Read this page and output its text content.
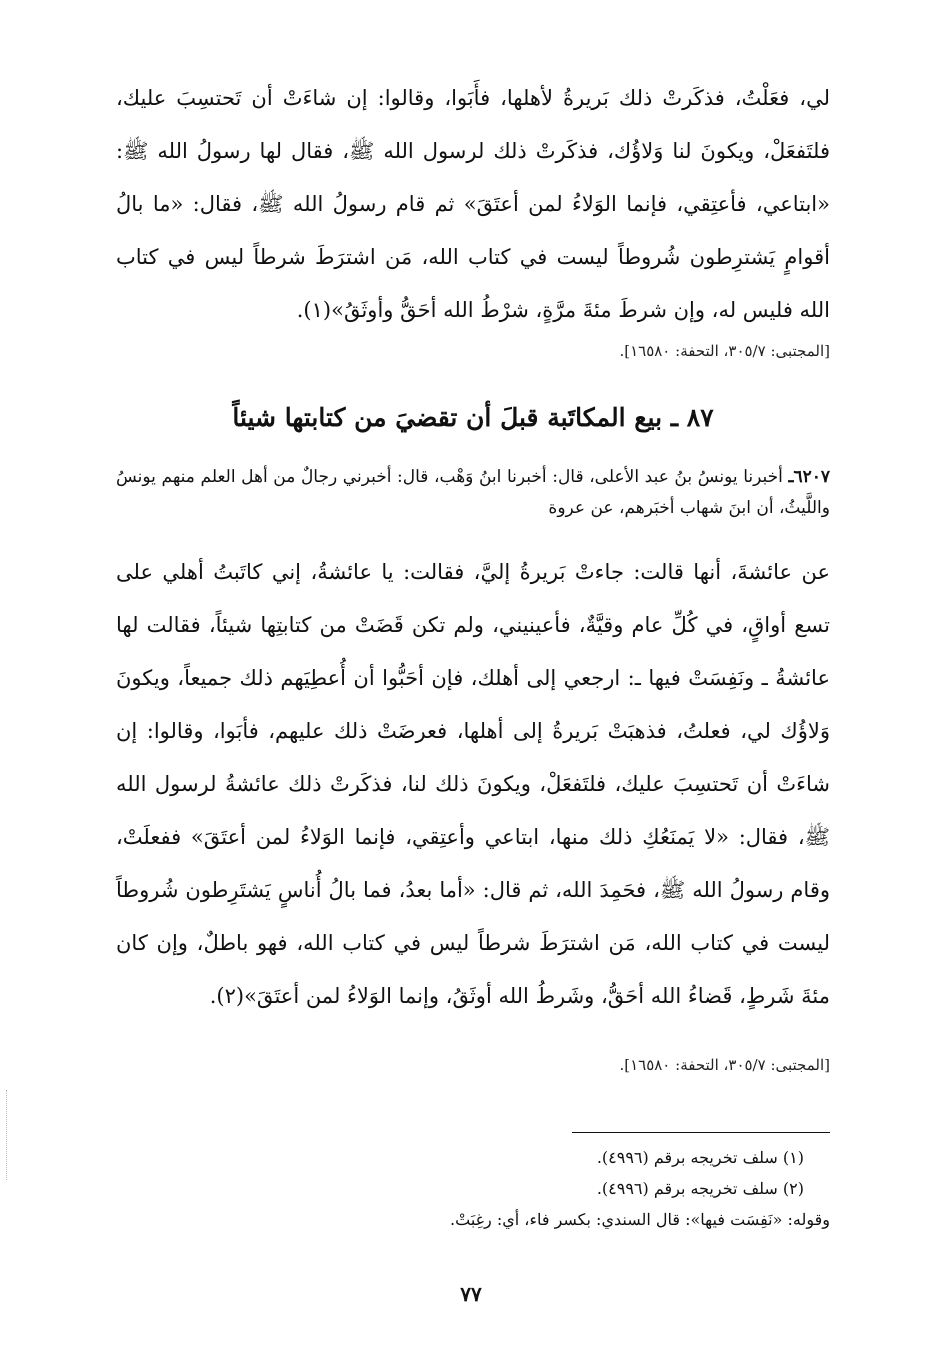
لي، فعَلْتُ، فذكَرتْ ذلك بَريرةُ لأهلها، فأَبَوا، وقالوا: إن شاءَتْ أن تَحتسِبَ عليك، فلتَفعَلْ، ويكونَ لنا وَلاؤُك، فذكَرتْ ذلك لرسول الله ﷺ، فقال لها رسولُ الله ﷺ: «ابتاعي، فأعتِقي، فإنما الوَلاءُ لمن أعتَقَ» ثم قام رسولُ الله ﷺ، فقال: «ما بالُ أقوامٍ يَشترِطون شُروطاً ليست في كتاب الله، مَن اشترَطَ شرطاً ليس في كتاب الله فليس له، وإن شرطَ مئةَ مرَّةٍ، شرْطُ الله أحَقُّ وأوثَقُ»(١).
[المجتبى: ٣٠٥/٧، التحفة: ١٦٥٨٠].
٨٧ ـ بيع المكاتَبة قبلَ أن تقضيَ من كتابتها شيئاً
٦٢٠٧ـ أخبرنا يونسُ بنُ عبد الأعلى، قال: أخبرنا ابنُ وَهْب، قال: أخبرني رجالٌ من أهل العلم منهم يونسُ واللَّيثُ، أن ابنَ شهاب أخبَرهم، عن عروة
عن عائشةَ، أنها قالت: جاءتْ بَريرةُ إليَّ، فقالت: يا عائشةُ، إني كاتَبتُ أهلي على تسع أواقٍ، في كُلِّ عام وقيَّةٌ، فأعينيني، ولم تكن قَضَتْ من كتابتِها شيئاً، فقالت لها عائشةُ ـ ونَفِسَتْ فيها ـ: ارجعي إلى أهلك، فإن أحَبُّوا أن أُعطِيَهم ذلك جميعاً، ويكونَ وَلاؤُك لي، فعلتُ، فذهبَتْ بَريرةُ إلى أهلها، فعرضَتْ ذلك عليهم، فأبَوا، وقالوا: إن شاءَتْ أن تَحتسِبَ عليك، فلتَفعَلْ، ويكونَ ذلك لنا، فذكَرتْ ذلك عائشةُ لرسول الله ﷺ، فقال: «لا يَمنَعُكِ ذلك منها، ابتاعي وأعتِقي، فإنما الوَلاءُ لمن أعتَقَ» ففعلَتْ، وقام رسولُ الله ﷺ، فحَمِدَ الله، ثم قال: «أما بعدُ، فما بالُ أُناسٍ يَشتَرِطون شُروطاً ليست في كتاب الله، مَن اشترَطَ شرطاً ليس في كتاب الله، فهو باطلٌ، وإن كان مئةَ شَرطٍ، قَضاءُ الله أحَقُّ، وشَرطُ الله أوثَقُ، وإنما الوَلاءُ لمن أعتَقَ»(٢).
[المجتبى: ٣٠٥/٧، التحفة: ١٦٥٨٠].
(١) سلف تخريجه برقم (٤٩٩٦).
(٢) سلف تخريجه برقم (٤٩٩٦).
وقوله: «نَفِسَت فيها»: قال السندي: بكسر فاء، أي: رغِبَتْ.
٧٧
